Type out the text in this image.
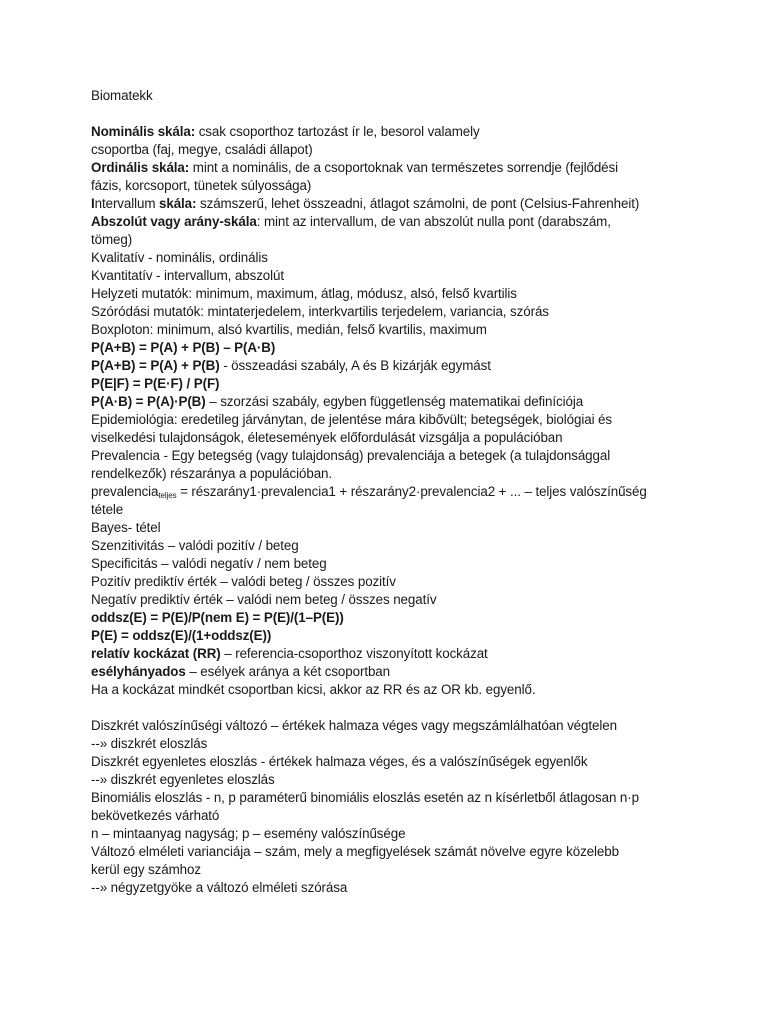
Biomatekk
Nominális skála: csak csoporthoz tartozást ír le, besorol valamely
csoportba (faj, megye, családi állapot)
Ordinális skála: mint a nominális, de a csoportoknak van természetes sorrendje (fejlődési
fázis, korcsoport, tünetek súlyossága)
Intervallum skála: számszerű, lehet összeadni, átlagot számolni, de pont (Celsius-Fahrenheit)
Abszolút vagy arány-skála: mint az intervallum, de van abszolút nulla pont (darabszám,
tömeg)
Kvalitatív - nominális, ordinális
Kvantitatív - intervallum, abszolút
Helyzeti mutatók: minimum, maximum, átlag, módusz, alsó, felső kvartilis
Szóródási mutatók: mintaterjedelem, interkvartilis terjedelem, variancia, szórás
Boxploton: minimum, alsó kvartilis, medián, felső kvartilis, maximum
P(A+B) = P(A) + P(B) – P(A·B)
P(A+B) = P(A) + P(B) - összeadási szabály, A és B kizárják egymást
P(E|F) = P(E·F) / P(F)
P(A·B) = P(A)·P(B) – szorzási szabály, egyben függetlenség matematikai definíciója
Epidemiológia: eredetileg járványtan, de jelentése mára kibővült; betegségek, biológiai és
viselkedési tulajdonságok, életesemények előfordulását vizsgálja a populációban
Prevalencia - Egy betegség (vagy tulajdonság) prevalenciája a betegek (a tulajdonsággal
rendelkezők) részaránya a populációban.
prevalencia$_{teljes}$ = részarány1·prevalencia1 + részarány2·prevalencia2 + ... – teljes valószínűség
tétele
Bayes- tétel
Szenzitivitás – valódi pozitív / beteg
Specificitás – valódi negatív / nem beteg
Pozitív prediktív érték – valódi beteg / összes pozitív
Negatív prediktív érték – valódi nem beteg / összes negatív
oddsz(E) = P(E)/P(nem E) = P(E)/(1–P(E))
P(E) = oddsz(E)/(1+oddsz(E))
relatív kockázat (RR) – referencia-csoporthoz viszonyított kockázat
esélyhányados – esélyek aránya a két csoportban
Ha a kockázat mindkét csoportban kicsi, akkor az RR és az OR kb. egyenlő.
Diszkrét valószínűségi változó – értékek halmaza véges vagy megszámlálhatóan végtelen
--» diszkrét eloszlás
Diszkrét egyenletes eloszlás - értékek halmaza véges, és a valószínűségek egyenlők
--» diszkrét egyenletes eloszlás
Binomiális eloszlás - n, p paraméterű binomiális eloszlás esetén az n kísérletből átlagosan n·p
bekövetkezés várható
n – mintaanyag nagyság; p – esemény valószínűsége
Változó elméleti varianciája – szám, mely a megfigyelések számát növelve egyre közelebb
kerül egy számhoz
--» négyzetgyöke a változó elméleti szórása
